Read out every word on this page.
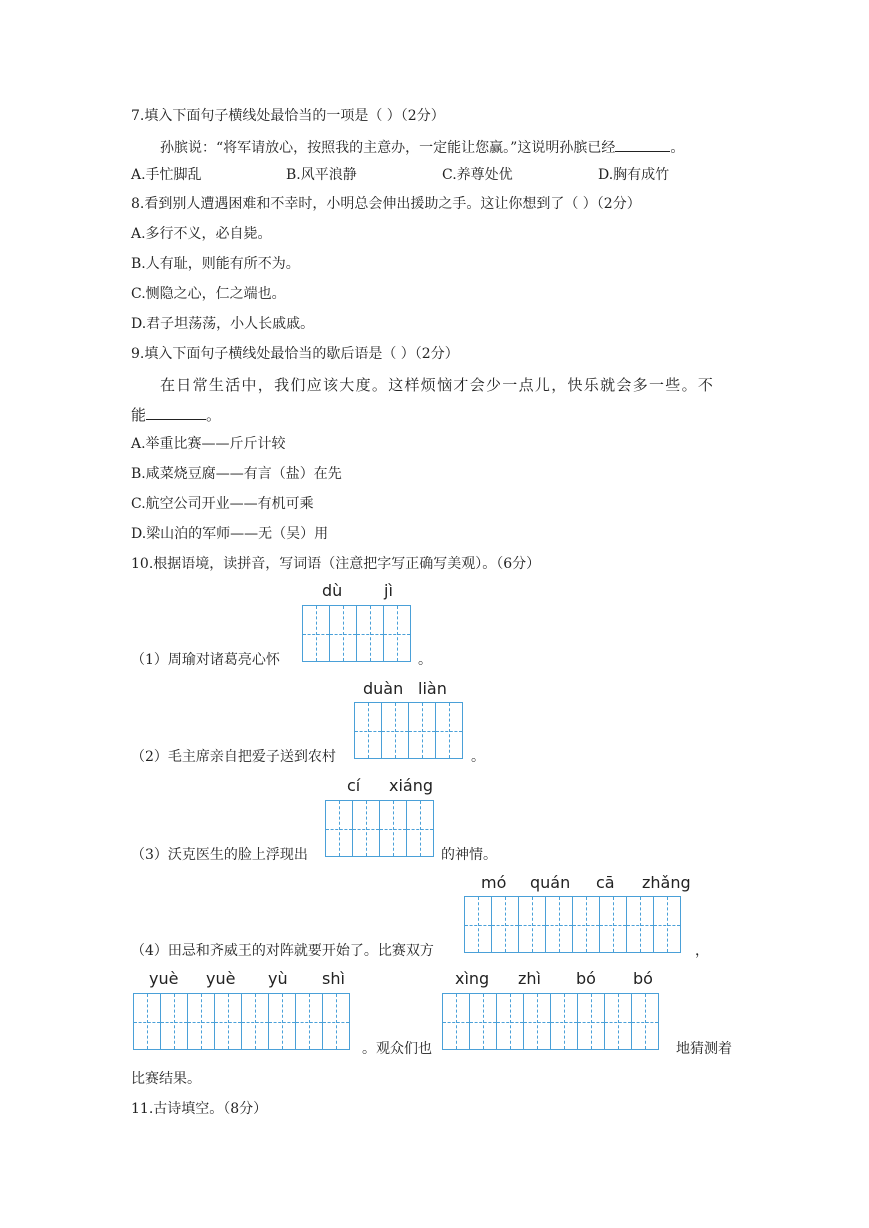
7.填入下面句子横线处最恰当的一项是（ ）（2分）
孙膑说：“将军请放心，按照我的主意办，一定能让您赢。”这说明孙膑已经	。
A.手忙脚乱	B.风平浪静	C.养尊处优	D.胸有成竹
8.看到别人遭遇困难和不幸时，小明总会伸出援助之手。这让你想到了（ ）（2分）
A.多行不义，必自毙。
B.人有耻，则能有所不为。
C.恻隐之心，仁之端也。
D.君子坦荡荡，小人长戚戚。
9.填入下面句子横线处最恰当的歇后语是（ ）（2分）
在日常生活中，我们应该大度。这样烦恼才会少一点儿，快乐就会多一些。不
能	。
A.举重比赛——斤斤计较
B.咸菜烧豆腐——有言（盐）在先
C.航空公司开业——有机可乘
D.梁山泊的军师——无（吴）用
10.根据语境，读拼音，写词语（注意把字写正确写美观）。（6分）
dù	jì
（1）周瑜对诸葛亮心怀	。
duàn liàn
（2）毛主席亲自把爱子送到农村	。
cí xiáng
（3）沃克医生的脸上浮现出	的神情。
mó quán cā zhǎng
（4）田忌和齐威王的对阵就要开始了。比赛双方	，
yuè yuè yù shì
。观众们也
xìng zhì bó bó
地猜测着
比赛结果。
11.古诗填空。（8分）
